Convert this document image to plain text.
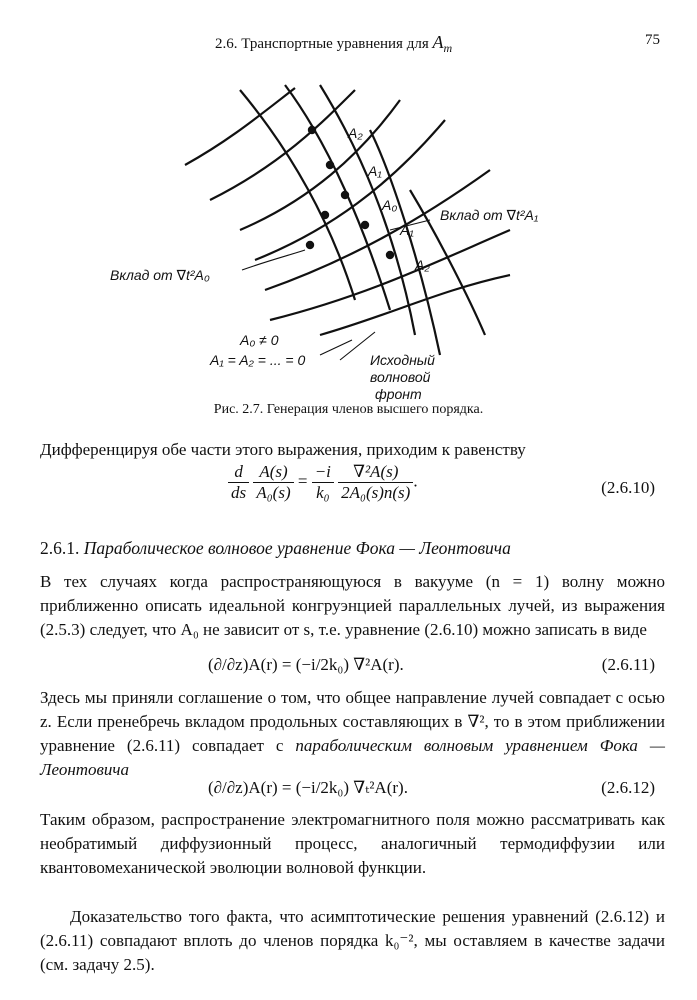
2.6. Транспортные уравнения для $A_m$	75
A₂
A₁
A₀
A₁
A₂
Вклад от ∇t²A₁
Вклад от ∇t²A₀
A₀ ≠ 0
A₁ = A₂ = ... = 0	Исходный
волновой
фронт
Рис. 2.7. Генерация членов высшего порядка.
Дифференцируя обе части этого выражения, приходим к равенству
$\frac{d}{ds}$
$\frac{A(s)}{\text{A₀(s)}} = \frac{-i}{\text{k₀}}$
$\frac{\text{∇²A(s)}}{\text{2A₀(s)n(s)}}$ .	(2.6.10)
2.6.1. Параболическое волновое уравнение Фока — Леонтовича
В тех случаях когда распространяющуюся в вакууме (n = 1) волну можно приближенно описать идеальной конгруэнцией параллельных лучей, из выражения (2.5.3) следует, что A₀ не зависит от s, т.е. уравнение (2.6.10) можно записать в виде
(∂/∂z)A(r) = (−i/2k₀) ∇²A(r).	(2.6.11)
Здесь мы приняли соглашение о том, что общее направление лучей совпадает с осью z. Если пренебречь вкладом продольных составляющих в ∇², то в этом приближении уравнение (2.6.11) совпадает с параболическим волновым уравнением Фока — Леонтовича
(∂/∂z)A(r) = (−i/2k₀) ∇ₜ²A(r).	(2.6.12)
Таким образом, распространение электромагнитного поля можно рассматривать как необратимый диффузионный процесс, аналогичный термодиффузии или квантовомеханической эволюции волновой функции.
Доказательство того факта, что асимптотические решения уравнений (2.6.12) и (2.6.11) совпадают вплоть до членов порядка k₀⁻², мы оставляем в качестве задачи (см. задачу 2.5).
